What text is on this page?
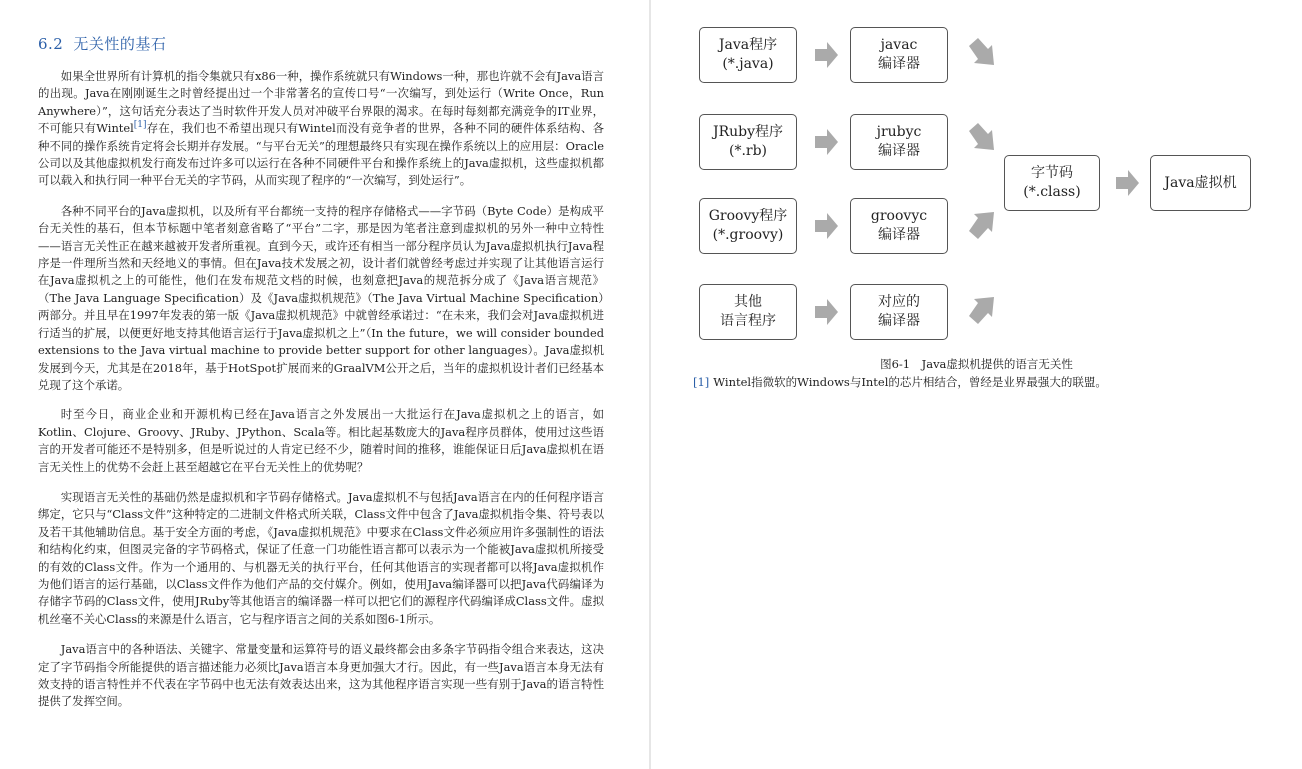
6.2 无关性的基石

如果全世界所有计算机的指令集就只有x86一种，操作系统就只有Windows一种，那也许就不会有Java语言的出现。Java在刚刚诞生之时曾经提出过一个非常著名的宣传口号“一次编写，到处运行（Write Once，Run Anywhere）”，这句话充分表达了当时软件开发人员对冲破平台界限的渴求。在每时每刻都充满竞争的IT业界，不可能只有Wintel[1]存在，我们也不希望出现只有Wintel而没有竞争者的世界，各种不同的硬件体系结构、各种不同的操作系统肯定将会长期并存发展。“与平台无关”的理想最终只有实现在操作系统以上的应用层：Oracle公司以及其他虚拟机发行商发布过许多可以运行在各种不同硬件平台和操作系统上的Java虚拟机，这些虚拟机都可以载入和执行同一种平台无关的字节码，从而实现了程序的“一次编写，到处运行”。

各种不同平台的Java虚拟机，以及所有平台都统一支持的程序存储格式——字节码（Byte Code）是构成平台无关性的基石，但本节标题中笔者刻意省略了“平台”二字，那是因为笔者注意到虚拟机的另外一种中立特性——语言无关性正在越来越被开发者所重视。直到今天，或许还有相当一部分程序员认为Java虚拟机执行Java程序是一件理所当然和天经地义的事情。但在Java技术发展之初，设计者们就曾经考虑过并实现了让其他语言运行在Java虚拟机之上的可能性，他们在发布规范文档的时候，也刻意把Java的规范拆分成了《Java语言规范》（The Java Language Specification）及《Java虚拟机规范》（The Java Virtual Machine Specification）两部分。并且早在1997年发表的第一版《Java虚拟机规范》中就曾经承诺过：“在未来，我们会对Java虚拟机进行适当的扩展，以便更好地支持其他语言运行于Java虚拟机之上”（In the future，we will consider bounded extensions to the Java virtual machine to provide better support for other languages）。Java虚拟机发展到今天，尤其是在2018年，基于HotSpot扩展而来的GraalVM公开之后，当年的虚拟机设计者们已经基本兑现了这个承诺。

时至今日，商业企业和开源机构已经在Java语言之外发展出一大批运行在Java虚拟机之上的语言，如Kotlin、Clojure、Groovy、JRuby、JPython、Scala等。相比起基数庞大的Java程序员群体，使用过这些语言的开发者可能还不是特别多，但是听说过的人肯定已经不少，随着时间的推移，谁能保证日后Java虚拟机在语言无关性上的优势不会赶上甚至超越它在平台无关性上的优势呢？

实现语言无关性的基础仍然是虚拟机和字节码存储格式。Java虚拟机不与包括Java语言在内的任何程序语言绑定，它只与“Class文件”这种特定的二进制文件格式所关联，Class文件中包含了Java虚拟机指令集、符号表以及若干其他辅助信息。基于安全方面的考虑，《Java虚拟机规范》中要求在Class文件必须应用许多强制性的语法和结构化约束，但图灵完备的字节码格式，保证了任意一门功能性语言都可以表示为一个能被Java虚拟机所接受的有效的Class文件。作为一个通用的、与机器无关的执行平台，任何其他语言的实现者都可以将Java虚拟机作为他们语言的运行基础，以Class文件作为他们产品的交付媒介。例如，使用Java编译器可以把Java代码编译为存储字节码的Class文件，使用JRuby等其他语言的编译器一样可以把它们的源程序代码编译成Class文件。虚拟机丝毫不关心Class的来源是什么语言，它与程序语言之间的关系如图6-1所示。

Java语言中的各种语法、关键字、常量变量和运算符号的语义最终都会由多条字节码指令组合来表达，这决定了字节码指令所能提供的语言描述能力必须比Java语言本身更加强大才行。因此，有一些Java语言本身无法有效支持的语言特性并不代表在字节码中也无法有效表达出来，这为其他程序语言实现一些有别于Java的语言特性提供了发挥空间。

Java程序
(*.java)
JRuby程序
(*.rb)
Groovy程序
(*.groovy)
其他
语言程序
javac
编译器
jrubyc
编译器
groovyc
编译器
对应的
编译器
字节码
(*.class)
Java虚拟机
图6-1　Java虚拟机提供的语言无关性
[1] Wintel指微软的Windows与Intel的芯片相结合，曾经是业界最强大的联盟。
